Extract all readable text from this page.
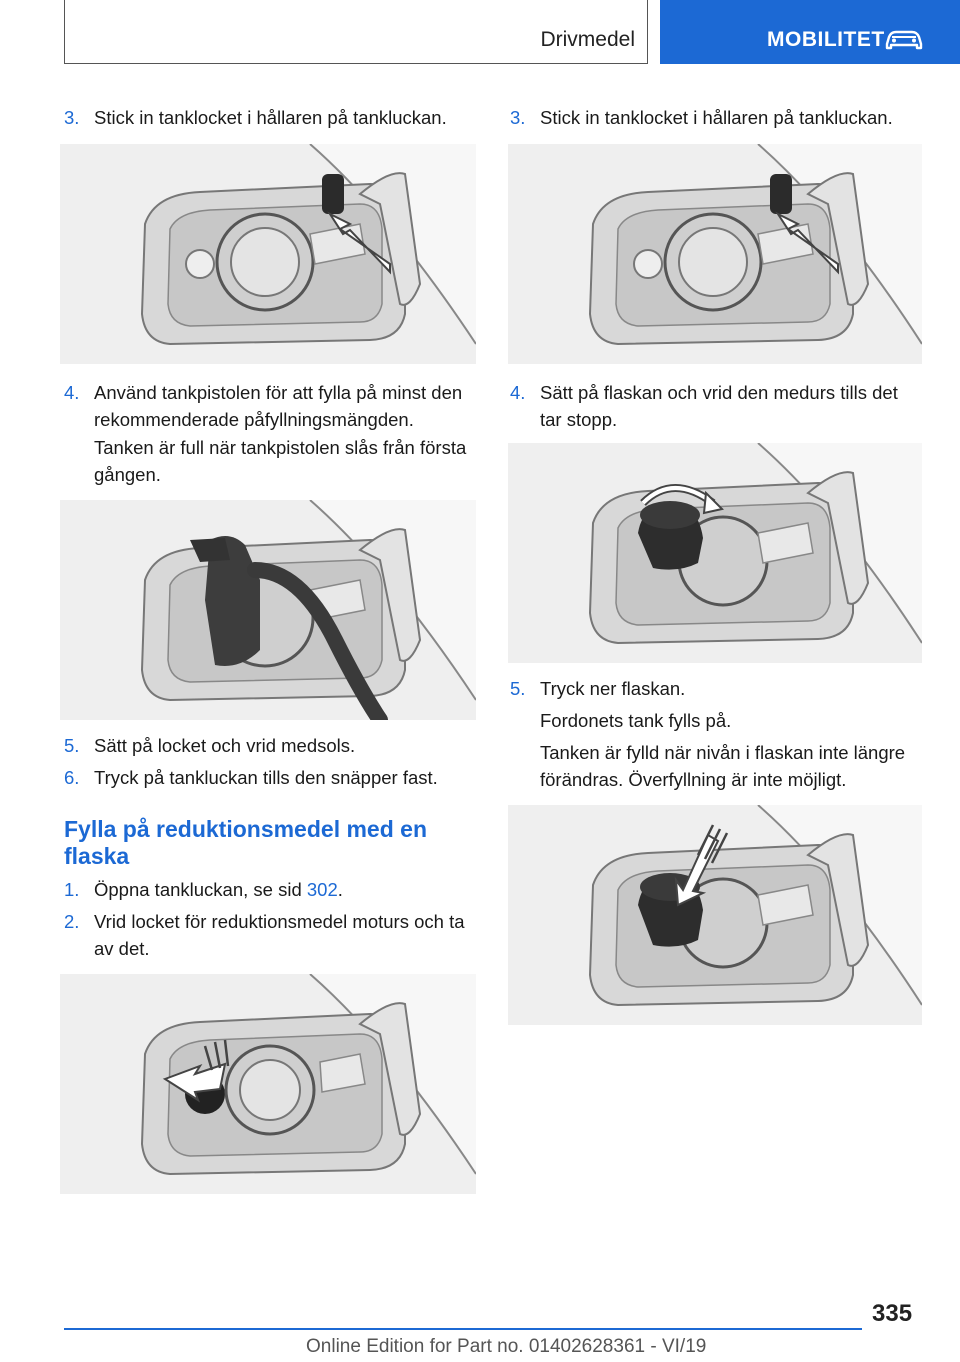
Drivmedel	MOBILITET
3. Stick in tanklocket i hållaren på tankluckan.
4. Använd tankpistolen för att fylla på minst den
rekommenderade påfyllningsmängden.
Tanken är full när tankpistolen slås från första
gången.
5. Sätt på locket och vrid medsols.
6. Tryck på tankluckan tills den snäpper fast.
Fylla på reduktionsmedel med en
flaska
1. Öppna tankluckan, se sid 302.
2. Vrid locket för reduktionsmedel moturs och ta
av det.
3. Stick in tanklocket i hållaren på tankluckan.
4. Sätt på flaskan och vrid den medurs tills det
tar stopp.
5. Tryck ner flaskan.
Fordonets tank fylls på.
Tanken är fylld när nivån i flaskan inte längre
förändras. Överfyllning är inte möjligt.
335
Online Edition for Part no. 01402628361 - VI/19
